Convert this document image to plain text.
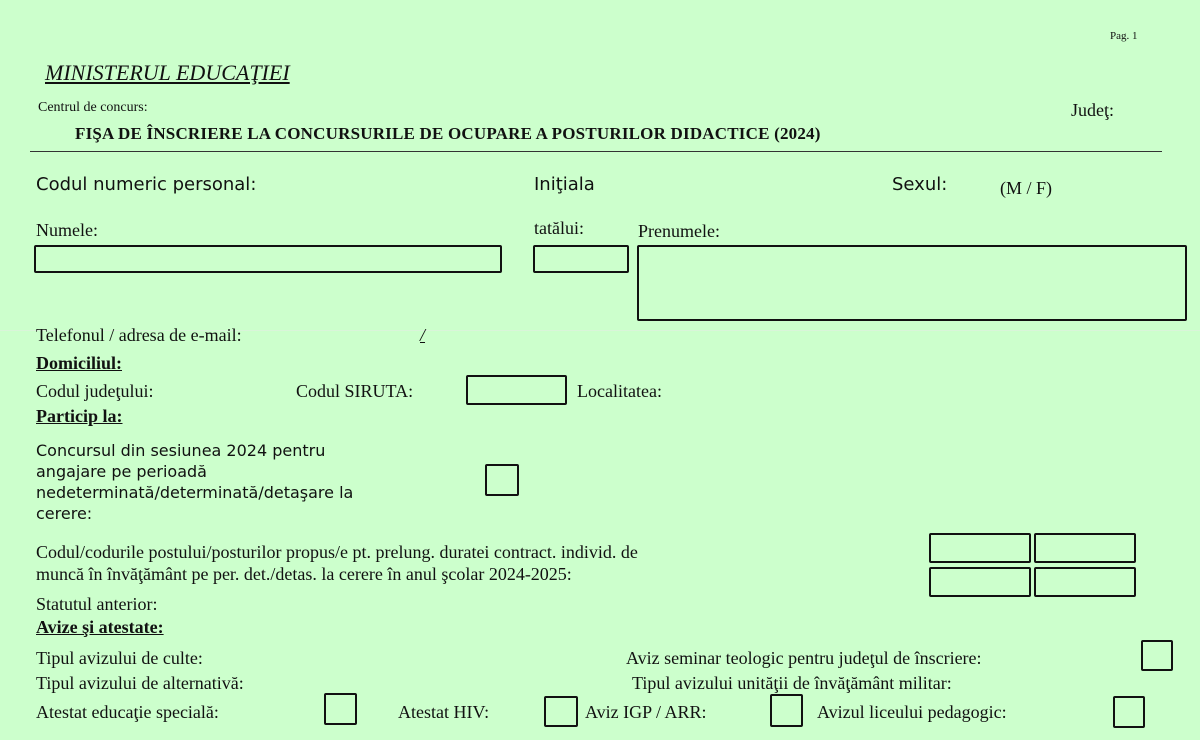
Pag. 1
MINISTERUL EDUCAŢIEI
Centrul de concurs:	Judeţ:
FIŞA DE ÎNSCRIERE LA CONCURSURILE DE OCUPARE A POSTURILOR DIDACTICE (2024)
Codul numeric personal:	Iniţiala	Sexul:	(M / F)
Numele:	tatălui:	Prenumele:
Telefonul / adresa de e-mail:	/
Domiciliul:
Codul judeţului:	Codul SIRUTA:	Localitatea:
Particip la:
Concursul din sesiunea 2024 pentru
angajare pe perioadă
nedeterminată/determinată/detaşare la
cerere:
Codul/codurile postului/posturilor propus/e pt. prelung. duratei contract. individ. de
muncă în învăţământ pe per. det./detas. la cerere în anul şcolar 2024-2025:
Statutul anterior:
Avize şi atestate:
Tipul avizului de culte:	Aviz seminar teologic pentru judeţul de înscriere:
Tipul avizului de alternativă:	Tipul avizului unităţii de învăţământ militar:
Atestat educaţie specială:	Atestat HIV:	Aviz IGP / ARR:	Avizul liceului pedagogic:
